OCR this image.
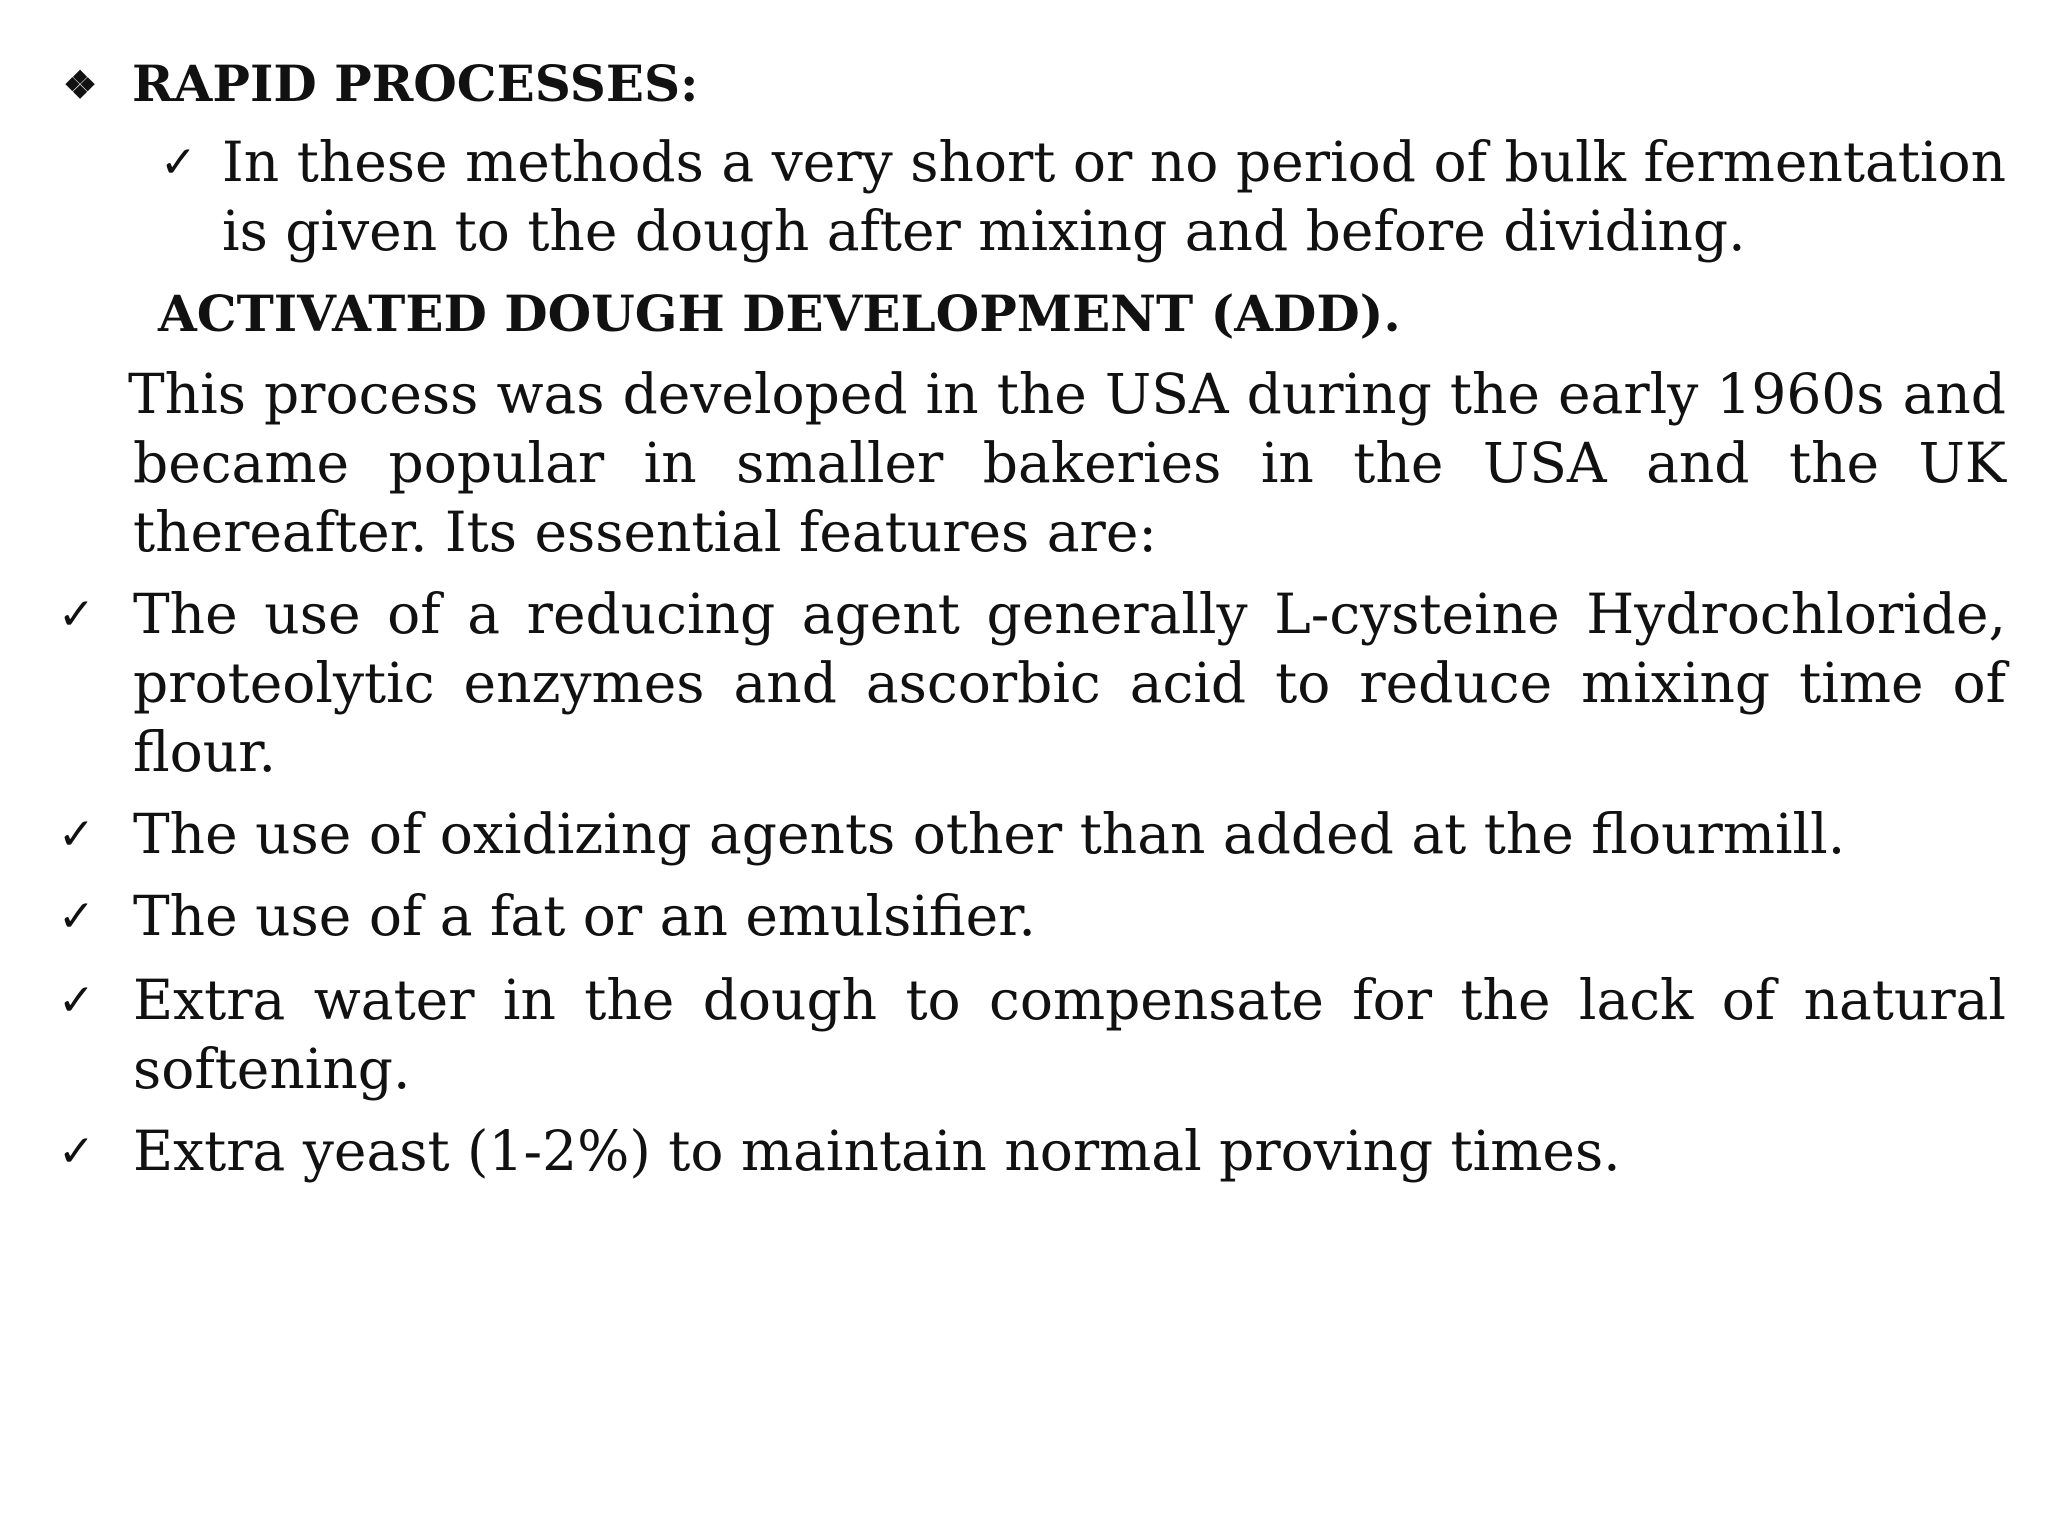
❖ RAPID PROCESSES:
✓ In these methods a very short or no period of bulk fermentation is given to the dough after mixing and before dividing.
ACTIVATED DOUGH DEVELOPMENT (ADD).
This process was developed in the USA during the early 1960s and
became popular in smaller bakeries in the USA and the UK thereafter. Its essential features are:
✓ The use of a reducing agent generally L-cysteine Hydrochloride, proteolytic enzymes and ascorbic acid to reduce mixing time of flour.
✓ The use of oxidizing agents other than added at the flourmill.
✓ The use of a fat or an emulsifier.
✓ Extra water in the dough to compensate for the lack of natural softening.
✓ Extra yeast (1-2%) to maintain normal proving times.
